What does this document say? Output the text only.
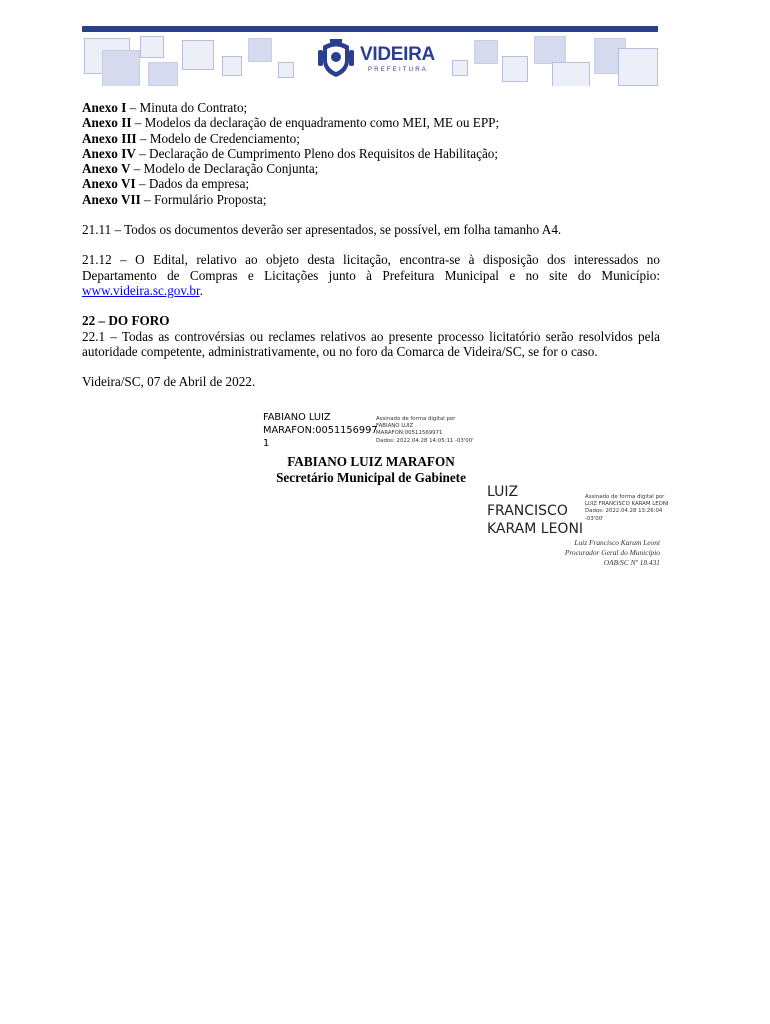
VIDEIRA
PREFEITURA
Anexo I – Minuta do Contrato;
Anexo II – Modelos da declaração de enquadramento como MEI, ME ou EPP;
Anexo III – Modelo de Credenciamento;
Anexo IV – Declaração de Cumprimento Pleno dos Requisitos de Habilitação;
Anexo V – Modelo de Declaração Conjunta;
Anexo VI – Dados da empresa;
Anexo VII – Formulário Proposta;

21.11 – Todos os documentos deverão ser apresentados, se possível, em folha tamanho A4.

21.12 – O Edital, relativo ao objeto desta licitação, encontra-se à disposição dos interessados no Departamento de Compras e Licitações junto à Prefeitura Municipal e no site do Município: www.videira.sc.gov.br.

22 – DO FORO

22.1 – Todas as controvérsias ou reclames relativos ao presente processo licitatório serão resolvidos pela autoridade competente, administrativamente, ou no foro da Comarca de Videira/SC, se for o caso.

Videira/SC, 07 de Abril de 2022.

FABIANO LUIZ
MARAFON:0051156997
1
Assinado de forma digital por
FABIANO LUIZ
MARAFON:00511569971
Dados: 2022.04.28 14:05:11 -03'00'
FABIANO LUIZ MARAFON
Secretário Municipal de Gabinete
LUIZ
FRANCISCO
KARAM LEONI
Assinado de forma digital por
LUIZ FRANCISCO KARAM LEONI
Dados: 2022.04.28 13:26:04
-03'00'
Luiz Francisco Karam Leoni
Procurador Geral do Município
OAB/SC Nº 18.431
